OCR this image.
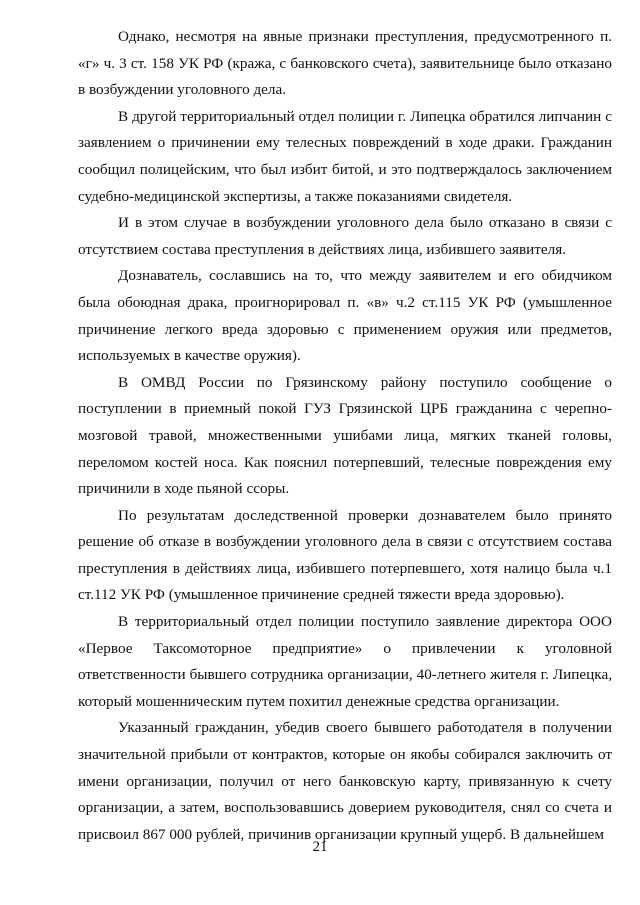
Однако, несмотря на явные признаки преступления, предусмотренного п. «г» ч. 3 ст. 158 УК РФ (кража, с банковского счета), заявительнице было отказано в возбуждении уголовного дела.

В другой территориальный отдел полиции г. Липецка обратился липчанин с заявлением о причинении ему телесных повреждений в ходе драки. Гражданин сообщил полицейским, что был избит битой, и это подтверждалось заключением судебно-медицинской экспертизы, а также показаниями свидетеля.

И в этом случае в возбуждении уголовного дела было отказано в связи с отсутствием состава преступления в действиях лица, избившего заявителя.

Дознаватель, сославшись на то, что между заявителем и его обидчиком была обоюдная драка, проигнорировал п. «в» ч.2 ст.115 УК РФ (умышленное причинение легкого вреда здоровью с применением оружия или предметов, используемых в качестве оружия).

В ОМВД России по Грязинскому району поступило сообщение о поступлении в приемный покой ГУЗ Грязинской ЦРБ гражданина с черепно-мозговой травой, множественными ушибами лица, мягких тканей головы, переломом костей носа. Как пояснил потерпевший, телесные повреждения ему причинили в ходе пьяной ссоры.

По результатам доследственной проверки дознавателем было принято решение об отказе в возбуждении уголовного дела в связи с отсутствием состава преступления в действиях лица, избившего потерпевшего, хотя налицо была ч.1 ст.112 УК РФ (умышленное причинение средней тяжести вреда здоровью).

В территориальный отдел полиции поступило заявление директора ООО «Первое Таксомоторное предприятие» о привлечении к уголовной ответственности бывшего сотрудника организации, 40-летнего жителя г. Липецка, который мошенническим путем похитил денежные средства организации.

Указанный гражданин, убедив своего бывшего работодателя в получении значительной прибыли от контрактов, которые он якобы собирался заключить от имени организации, получил от него банковскую карту, привязанную к счету организации, а затем, воспользовавшись доверием руководителя, снял со счета и присвоил 867 000 рублей, причинив организации крупный ущерб. В дальнейшем

21
